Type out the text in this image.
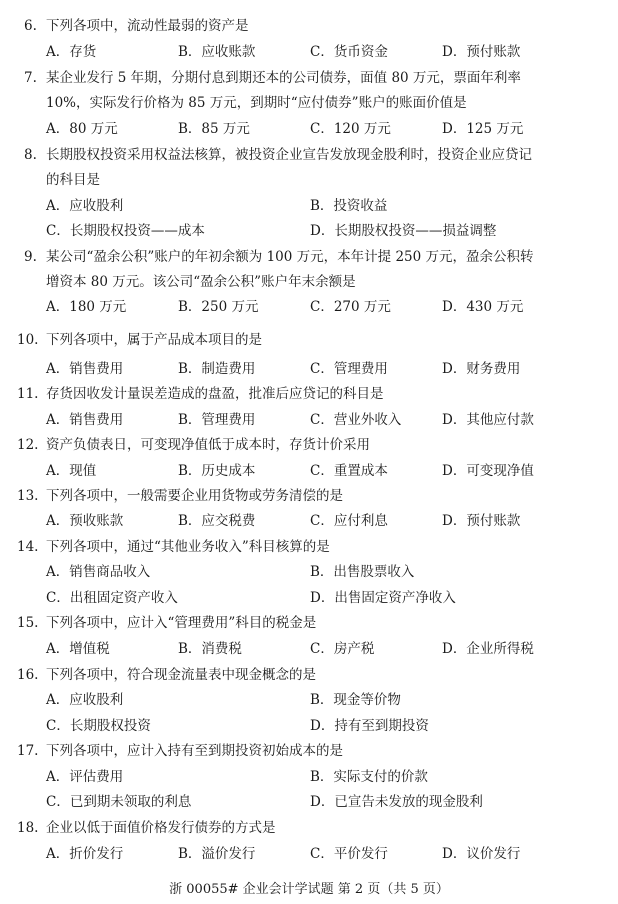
6. 下列各项中，流动性最弱的资产是
A．存货	B．应收账款	C．货币资金	D．预付账款
7. 某企业发行 5 年期，分期付息到期还本的公司债券，面值 80 万元，票面年利率
10%，实际发行价格为 85 万元，到期时“应付债券”账户的账面价值是
A．80 万元	B．85 万元	C．120 万元	D．125 万元
8. 长期股权投资采用权益法核算，被投资企业宣告发放现金股利时，投资企业应贷记
的科目是
A．应收股利	B．投资收益
C．长期股权投资——成本	D．长期股权投资——损益调整
9. 某公司“盈余公积”账户的年初余额为 100 万元，本年计提 250 万元，盈余公积转
增资本 80 万元。该公司“盈余公积”账户年末余额是
A．180 万元	B．250 万元	C．270 万元	D．430 万元
10. 下列各项中，属于产品成本项目的是
A．销售费用	B．制造费用	C．管理费用	D．财务费用
11. 存货因收发计量误差造成的盘盈，批准后应贷记的科目是
A．销售费用	B．管理费用	C．营业外收入	D．其他应付款
12. 资产负债表日，可变现净值低于成本时，存货计价采用
A．现值	B．历史成本	C．重置成本	D．可变现净值
13. 下列各项中，一般需要企业用货物或劳务清偿的是
A．预收账款	B．应交税费	C．应付利息	D．预付账款
14. 下列各项中，通过“其他业务收入”科目核算的是
A．销售商品收入	B．出售股票收入
C．出租固定资产收入	D．出售固定资产净收入
15. 下列各项中，应计入“管理费用”科目的税金是
A．增值税	B．消费税	C．房产税	D．企业所得税
16. 下列各项中，符合现金流量表中现金概念的是
A．应收股利	B．现金等价物
C．长期股权投资	D．持有至到期投资
17. 下列各项中，应计入持有至到期投资初始成本的是
A．评估费用	B．实际支付的价款
C．已到期未领取的利息	D．已宣告未发放的现金股利
18. 企业以低于面值价格发行债券的方式是
A．折价发行	B．溢价发行	C．平价发行	D．议价发行
浙 00055# 企业会计学试题 第 2 页（共 5 页）
